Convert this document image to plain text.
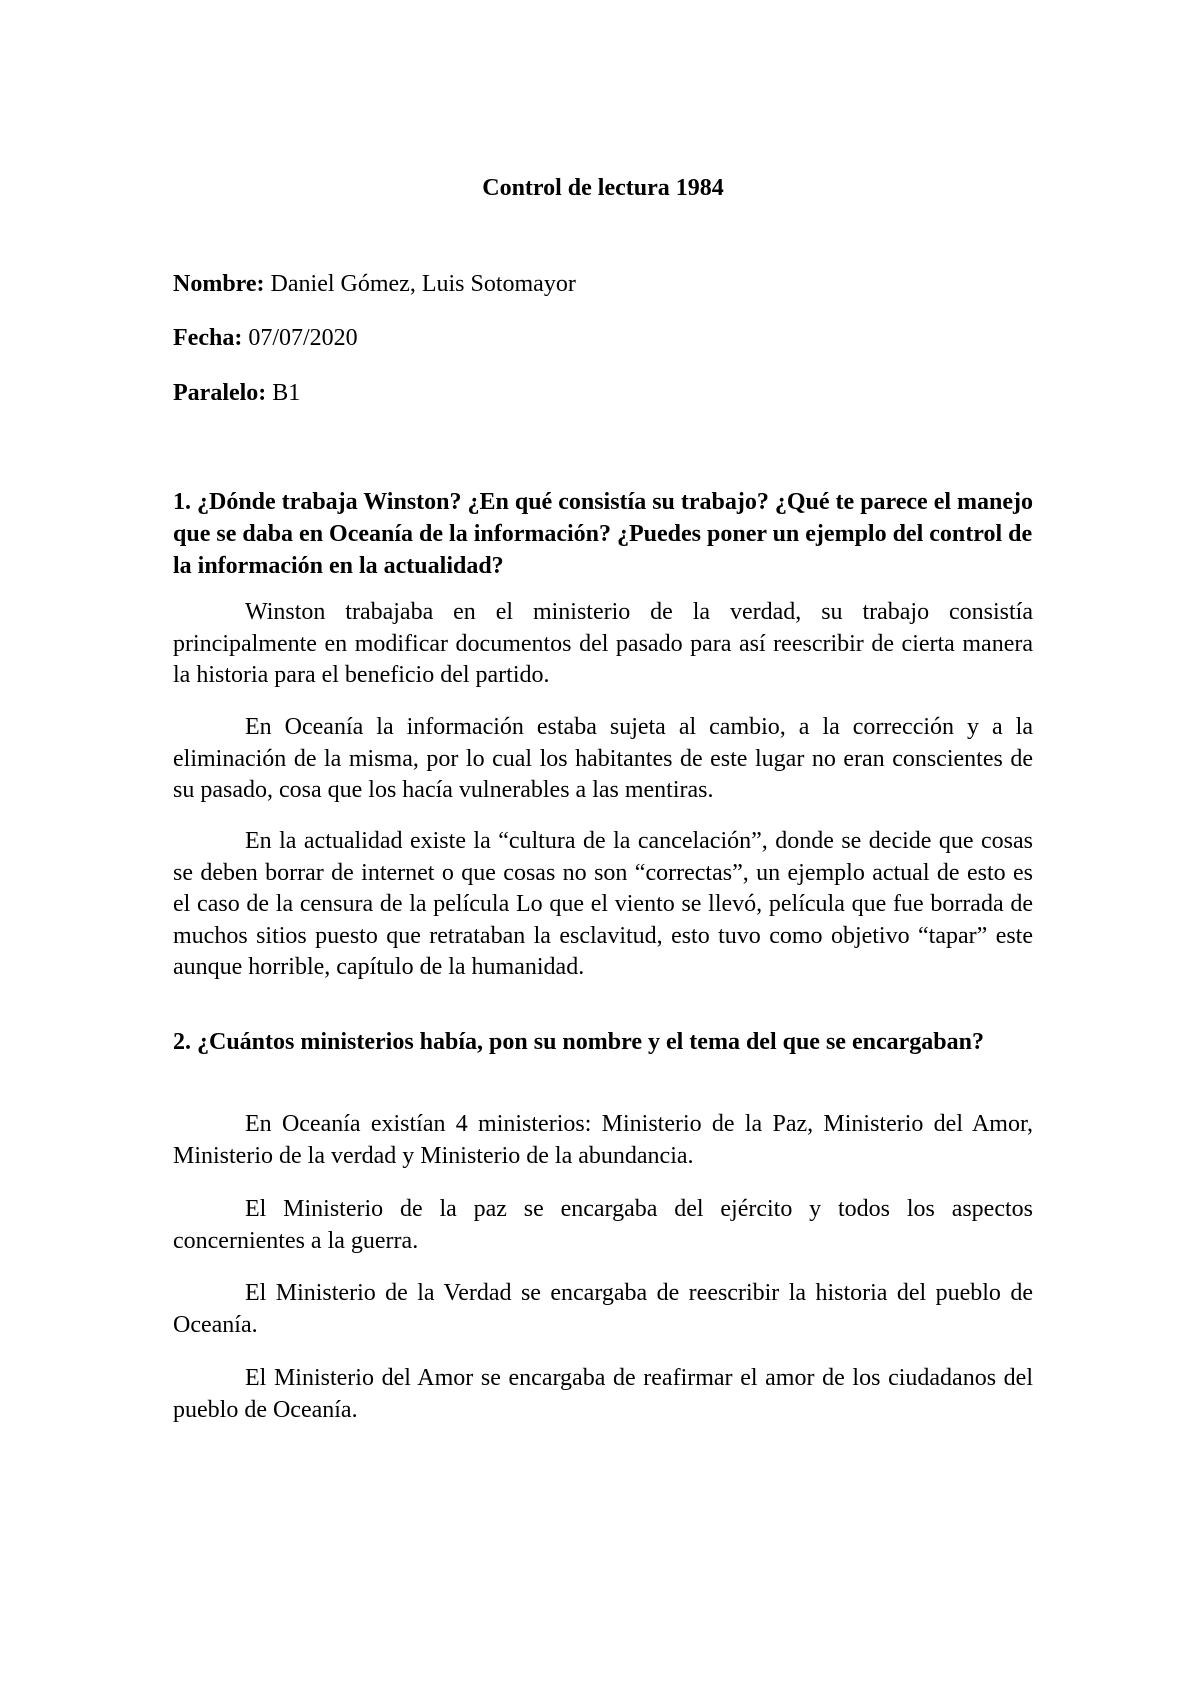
Control de lectura 1984

Nombre: Daniel Gómez, Luis Sotomayor

Fecha: 07/07/2020

Paralelo: B1

1. ¿Dónde trabaja Winston? ¿En qué consistía su trabajo? ¿Qué te parece el manejo que se daba en Oceanía de la información? ¿Puedes poner un ejemplo del control de la información en la actualidad?

Winston trabajaba en el ministerio de la verdad, su trabajo consistía principalmente en modificar documentos del pasado para así reescribir de cierta manera la historia para el beneficio del partido.

En Oceanía la información estaba sujeta al cambio, a la corrección y a la eliminación de la misma, por lo cual los habitantes de este lugar no eran conscientes de su pasado, cosa que los hacía vulnerables a las mentiras.

En la actualidad existe la “cultura de la cancelación”, donde se decide que cosas se deben borrar de internet o que cosas no son “correctas”, un ejemplo actual de esto es el caso de la censura de la película Lo que el viento se llevó, película que fue borrada de muchos sitios puesto que retrataban la esclavitud, esto tuvo como objetivo “tapar” este aunque horrible, capítulo de la humanidad.

2. ¿Cuántos ministerios había, pon su nombre y el tema del que se encargaban?

En Oceanía existían 4 ministerios: Ministerio de la Paz, Ministerio del Amor, Ministerio de la verdad y Ministerio de la abundancia.

El Ministerio de la paz se encargaba del ejército y todos los aspectos concernientes a la guerra.

El Ministerio de la Verdad se encargaba de reescribir la historia del pueblo de Oceanía.

El Ministerio del Amor se encargaba de reafirmar el amor de los ciudadanos del pueblo de Oceanía.
